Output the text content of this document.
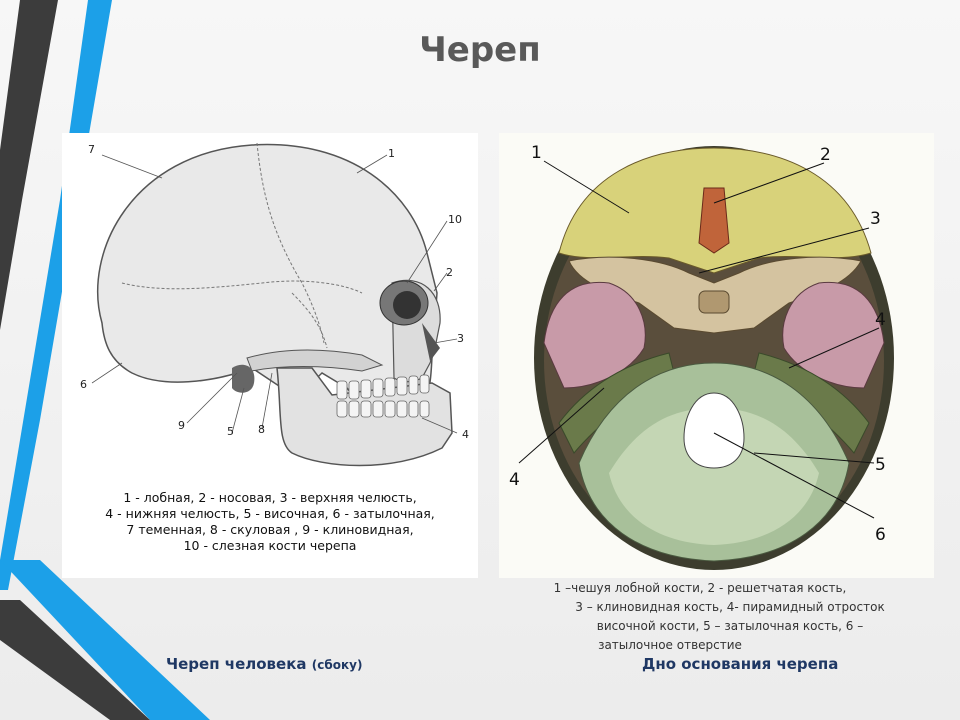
Череп
7	1
10
2
3
4
6
9	5 8
1 - лобная, 2 - носовая, 3 - верхняя челюсть,
4 - нижняя челюсть, 5 - височная, 6 - затылочная,
7 теменная, 8 - скуловая , 9 - клиновидная,
10 - слезная кости черепа
1	2
3
4
4
5
6
1 –чешуя лобной кости, 2 - решетчатая кость,
3 – клиновидная кость, 4- пирамидный отросток
височной кости, 5 – затылочная кость, 6 –
затылочное отверстие
Череп человека (сбоку)	Дно основания черепа
